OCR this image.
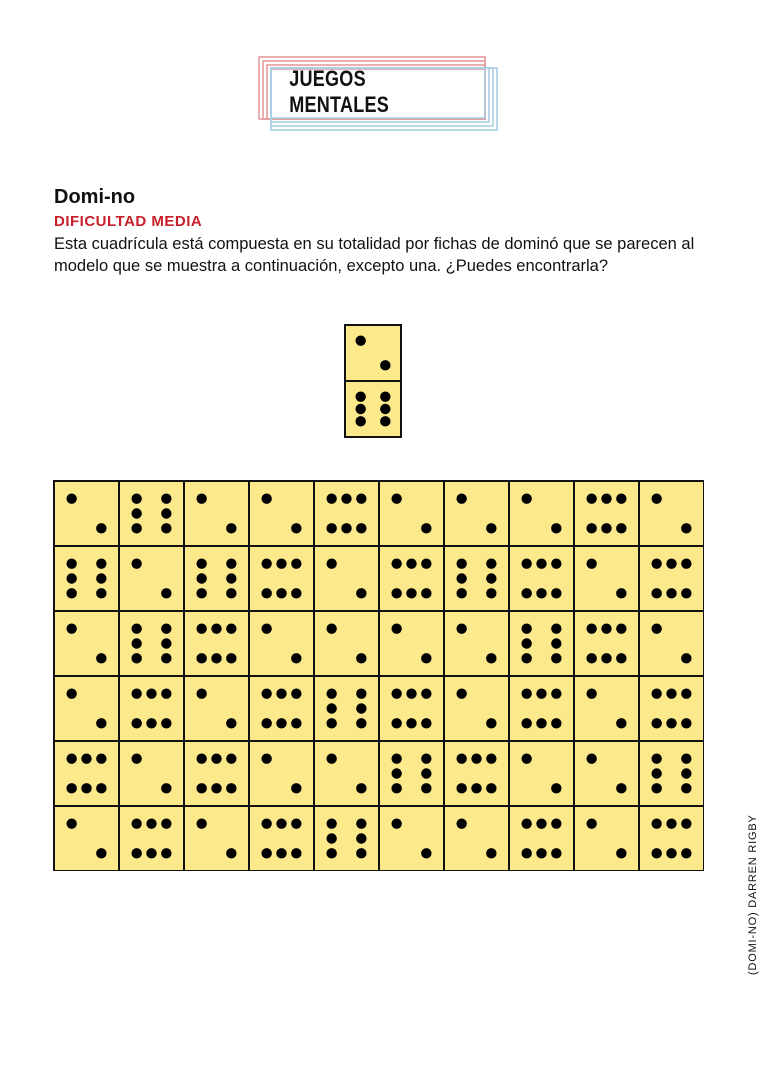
JUEGOS MENTALES
Domi-no
DIFICULTAD MEDIA
Esta cuadrícula está compuesta en su totalidad por fichas de dominó que se parecen al modelo que se muestra a continuación, excepto una. ¿Puedes encontrarla?
(DOMI-NO) DARREN RIGBY
